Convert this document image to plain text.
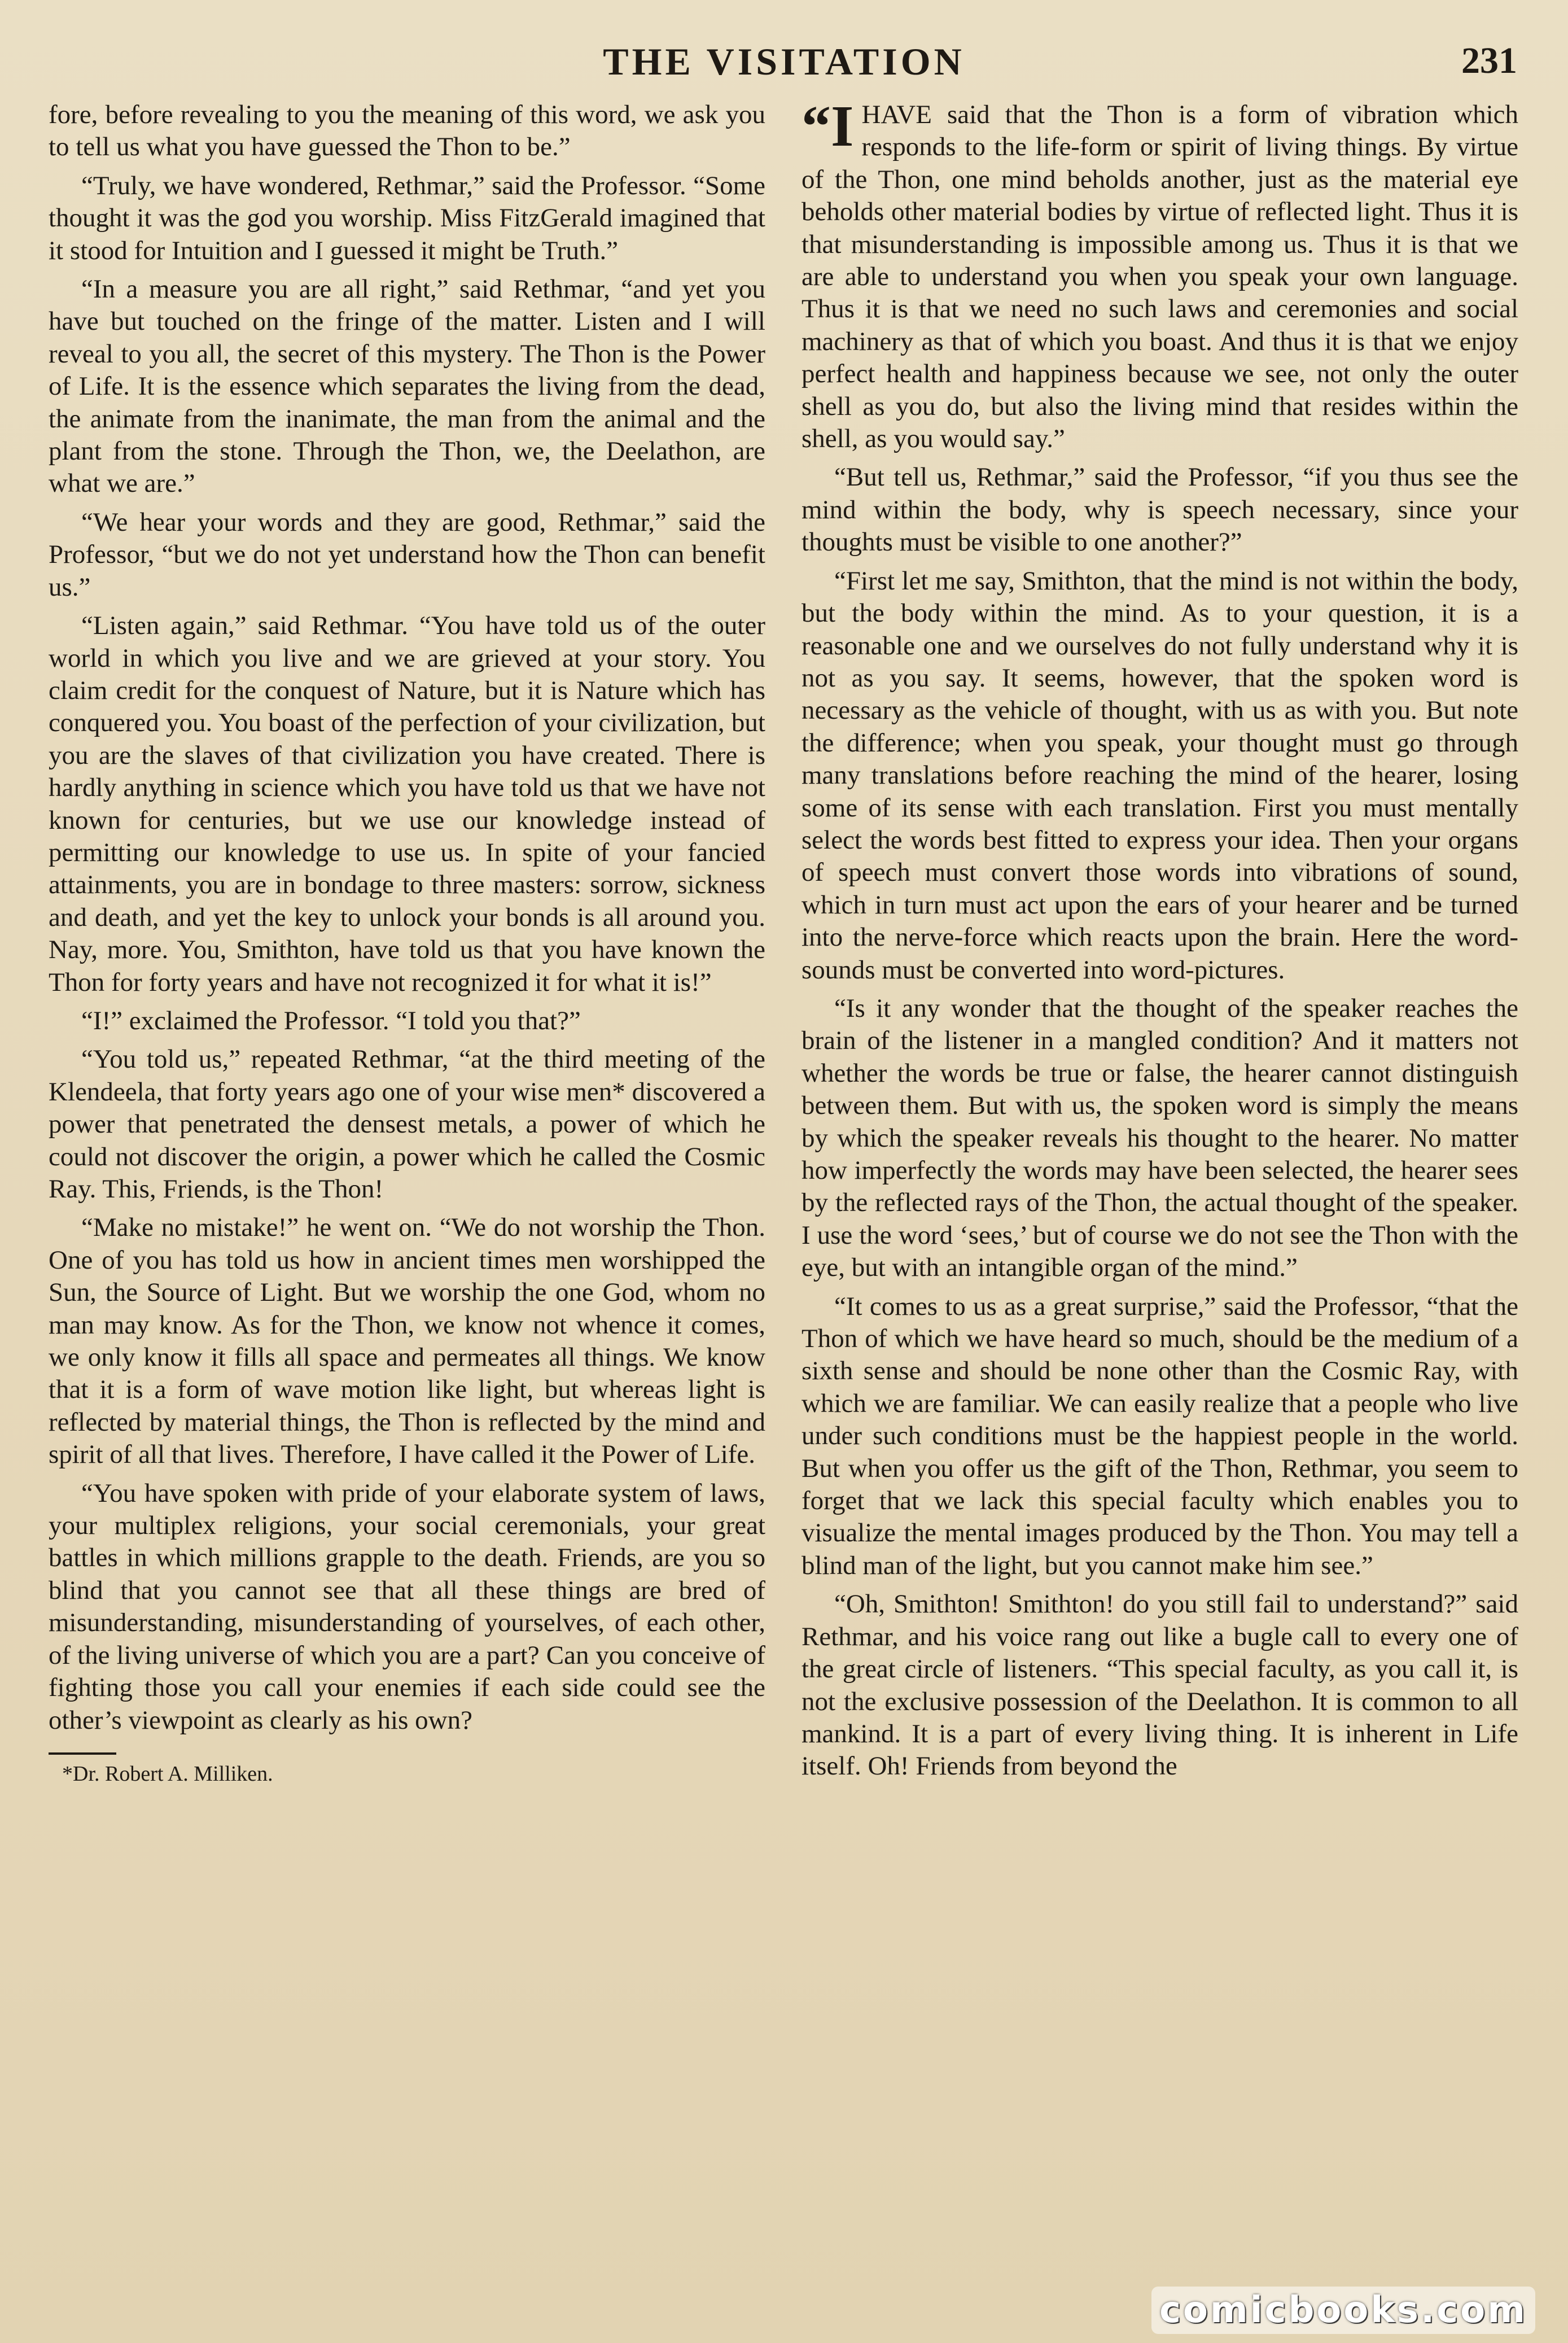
THE VISITATION	231

fore, before revealing to you the meaning of this word, we ask you to tell us what you have guessed the Thon to be.”

“Truly, we have wondered, Rethmar,” said the Professor. “Some thought it was the god you worship. Miss FitzGerald imagined that it stood for Intuition and I guessed it might be Truth.”

“In a measure you are all right,” said Rethmar, “and yet you have but touched on the fringe of the matter. Listen and I will reveal to you all, the secret of this mystery. The Thon is the Power of Life. It is the essence which separates the living from the dead, the animate from the inanimate, the man from the animal and the plant from the stone. Through the Thon, we, the Deelathon, are what we are.”

“We hear your words and they are good, Rethmar,” said the Professor, “but we do not yet understand how the Thon can benefit us.”

“Listen again,” said Rethmar. “You have told us of the outer world in which you live and we are grieved at your story. You claim credit for the conquest of Nature, but it is Nature which has conquered you. You boast of the perfection of your civilization, but you are the slaves of that civilization you have created. There is hardly anything in science which you have told us that we have not known for centuries, but we use our knowledge instead of permitting our knowledge to use us. In spite of your fancied attainments, you are in bondage to three masters: sorrow, sickness and death, and yet the key to unlock your bonds is all around you. Nay, more. You, Smithton, have told us that you have known the Thon for forty years and have not recognized it for what it is!”

“I!” exclaimed the Professor. “I told you that?”

“You told us,” repeated Rethmar, “at the third meeting of the Klendeela, that forty years ago one of your wise men* discovered a power that penetrated the densest metals, a power of which he could not discover the origin, a power which he called the Cosmic Ray. This, Friends, is the Thon!

“Make no mistake!” he went on. “We do not worship the Thon. One of you has told us how in ancient times men worshipped the Sun, the Source of Light. But we worship the one God, whom no man may know. As for the Thon, we know not whence it comes, we only know it fills all space and permeates all things. We know that it is a form of wave motion like light, but whereas light is reflected by material things, the Thon is reflected by the mind and spirit of all that lives. Therefore, I have called it the Power of Life.

“You have spoken with pride of your elaborate system of laws, your multiplex religions, your social ceremonials, your great battles in which millions grapple to the death. Friends, are you so blind that you cannot see that all these things are bred of misunderstanding, misunderstanding of yourselves, of each other, of the living universe of which you are a part? Can you conceive of fighting those you call your enemies if each side could see the other’s viewpoint as clearly as his own?

*Dr. Robert A. Milliken.

“IHAVE said that the Thon is a form of vibration which responds to the life-form or spirit of living things. By virtue of the Thon, one mind beholds another, just as the material eye beholds other material bodies by virtue of reflected light. Thus it is that misunderstanding is impossible among us. Thus it is that we are able to understand you when you speak your own language. Thus it is that we need no such laws and ceremonies and social machinery as that of which you boast. And thus it is that we enjoy perfect health and happiness because we see, not only the outer shell as you do, but also the living mind that resides within the shell, as you would say.”

“But tell us, Rethmar,” said the Professor, “if you thus see the mind within the body, why is speech necessary, since your thoughts must be visible to one another?”

“First let me say, Smithton, that the mind is not within the body, but the body within the mind. As to your question, it is a reasonable one and we ourselves do not fully understand why it is not as you say. It seems, however, that the spoken word is necessary as the vehicle of thought, with us as with you. But note the difference; when you speak, your thought must go through many translations before reaching the mind of the hearer, losing some of its sense with each translation. First you must mentally select the words best fitted to express your idea. Then your organs of speech must convert those words into vibrations of sound, which in turn must act upon the ears of your hearer and be turned into the nerve-force which reacts upon the brain. Here the word-sounds must be converted into word-pictures.

“Is it any wonder that the thought of the speaker reaches the brain of the listener in a mangled condition? And it matters not whether the words be true or false, the hearer cannot distinguish between them. But with us, the spoken word is simply the means by which the speaker reveals his thought to the hearer. No matter how imperfectly the words may have been selected, the hearer sees by the reflected rays of the Thon, the actual thought of the speaker. I use the word ‘sees,’ but of course we do not see the Thon with the eye, but with an intangible organ of the mind.”

“It comes to us as a great surprise,” said the Professor, “that the Thon of which we have heard so much, should be the medium of a sixth sense and should be none other than the Cosmic Ray, with which we are familiar. We can easily realize that a people who live under such conditions must be the happiest people in the world. But when you offer us the gift of the Thon, Rethmar, you seem to forget that we lack this special faculty which enables you to visualize the mental images produced by the Thon. You may tell a blind man of the light, but you cannot make him see.”

“Oh, Smithton! Smithton! do you still fail to understand?” said Rethmar, and his voice rang out like a bugle call to every one of the great circle of listeners. “This special faculty, as you call it, is not the exclusive possession of the Deelathon. It is common to all mankind. It is a part of every living thing. It is inherent in Life itself. Oh! Friends from beyond the

comicbooks.com
